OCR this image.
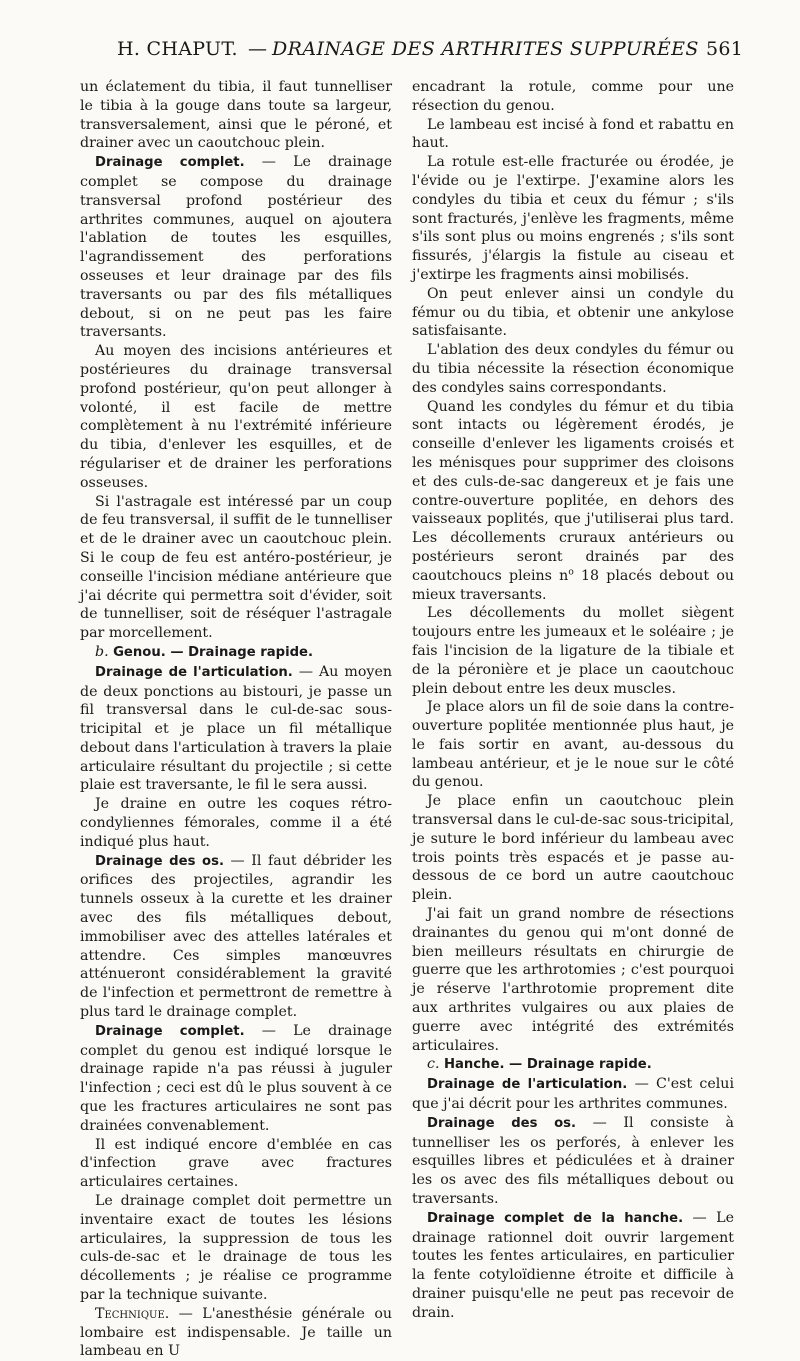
H. CHAPUT. — DRAINAGE DES ARTHRITES SUPPURÉES 561

un éclatement du tibia, il faut tunnelliser le tibia à la gouge dans toute sa largeur, transversalement, ainsi que le péroné, et drainer avec un caoutchouc plein.

Drainage complet. — Le drainage complet se compose du drainage transversal profond postérieur des arthrites communes, auquel on ajoutera l'ablation de toutes les esquilles, l'agrandissement des perforations osseuses et leur drainage par des fils traversants ou par des fils métalliques debout, si on ne peut pas les faire traversants.

Au moyen des incisions antérieures et postérieures du drainage transversal profond postérieur, qu'on peut allonger à volonté, il est facile de mettre complètement à nu l'extrémité inférieure du tibia, d'enlever les esquilles, et de régulariser et de drainer les perforations osseuses.

Si l'astragale est intéressé par un coup de feu transversal, il suffit de le tunnelliser et de le drainer avec un caoutchouc plein. Si le coup de feu est antéro-postérieur, je conseille l'incision médiane antérieure que j'ai décrite qui permettra soit d'évider, soit de tunnelliser, soit de réséquer l'astragale par morcellement.

b. Genou. — Drainage rapide.

Drainage de l'articulation. — Au moyen de deux ponctions au bistouri, je passe un fil transversal dans le cul-de-sac sous-tricipital et je place un fil métallique debout dans l'articulation à travers la plaie articulaire résultant du projectile ; si cette plaie est traversante, le fil le sera aussi.

Je draine en outre les coques rétro-condyliennes fémorales, comme il a été indiqué plus haut.

Drainage des os. — Il faut débrider les orifices des projectiles, agrandir les tunnels osseux à la curette et les drainer avec des fils métalliques debout, immobiliser avec des attelles latérales et attendre. Ces simples manœuvres atténueront considérablement la gravité de l'infection et permettront de remettre à plus tard le drainage complet.

Drainage complet. — Le drainage complet du genou est indiqué lorsque le drainage rapide n'a pas réussi à juguler l'infection ; ceci est dû le plus souvent à ce que les fractures articulaires ne sont pas drainées convenablement.

Il est indiqué encore d'emblée en cas d'infection grave avec fractures articulaires certaines.

Le drainage complet doit permettre un inventaire exact de toutes les lésions articulaires, la suppression de tous les culs-de-sac et le drainage de tous les décollements ; je réalise ce programme par la technique suivante.

Technique. — L'anesthésie générale ou lombaire est indispensable. Je taille un lambeau en U

encadrant la rotule, comme pour une résection du genou.

Le lambeau est incisé à fond et rabattu en haut.

La rotule est-elle fracturée ou érodée, je l'évide ou je l'extirpe. J'examine alors les condyles du tibia et ceux du fémur ; s'ils sont fracturés, j'enlève les fragments, même s'ils sont plus ou moins engrenés ; s'ils sont fissurés, j'élargis la fistule au ciseau et j'extirpe les fragments ainsi mobilisés.

On peut enlever ainsi un condyle du fémur ou du tibia, et obtenir une ankylose satisfaisante.

L'ablation des deux condyles du fémur ou du tibia nécessite la résection économique des condyles sains correspondants.

Quand les condyles du fémur et du tibia sont intacts ou légèrement érodés, je conseille d'enlever les ligaments croisés et les ménisques pour supprimer des cloisons et des culs-de-sac dangereux et je fais une contre-ouverture poplitée, en dehors des vaisseaux poplités, que j'utiliserai plus tard. Les décollements cruraux antérieurs ou postérieurs seront drainés par des caoutchoucs pleins $n^o$ 18 placés debout ou mieux traversants.

Les décollements du mollet siègent toujours entre les jumeaux et le soléaire ; je fais l'incision de la ligature de la tibiale et de la péronière et je place un caoutchouc plein debout entre les deux muscles.

Je place alors un fil de soie dans la contre-ouverture poplitée mentionnée plus haut, je le fais sortir en avant, au-dessous du lambeau antérieur, et je le noue sur le côté du genou.

Je place enfin un caoutchouc plein transversal dans le cul-de-sac sous-tricipital, je suture le bord inférieur du lambeau avec trois points très espacés et je passe au-dessous de ce bord un autre caoutchouc plein.

J'ai fait un grand nombre de résections drainantes du genou qui m'ont donné de bien meilleurs résultats en chirurgie de guerre que les arthrotomies ; c'est pourquoi je réserve l'arthrotomie proprement dite aux arthrites vulgaires ou aux plaies de guerre avec intégrité des extrémités articulaires.

c. Hanche. — Drainage rapide.

Drainage de l'articulation. — C'est celui que j'ai décrit pour les arthrites communes.

Drainage des os. — Il consiste à tunnelliser les os perforés, à enlever les esquilles libres et pédiculées et à drainer les os avec des fils métalliques debout ou traversants.

Drainage complet de la hanche. — Le drainage rationnel doit ouvrir largement toutes les fentes articulaires, en particulier la fente cotyloïdienne étroite et difficile à drainer puisqu'elle ne peut pas recevoir de drain.
